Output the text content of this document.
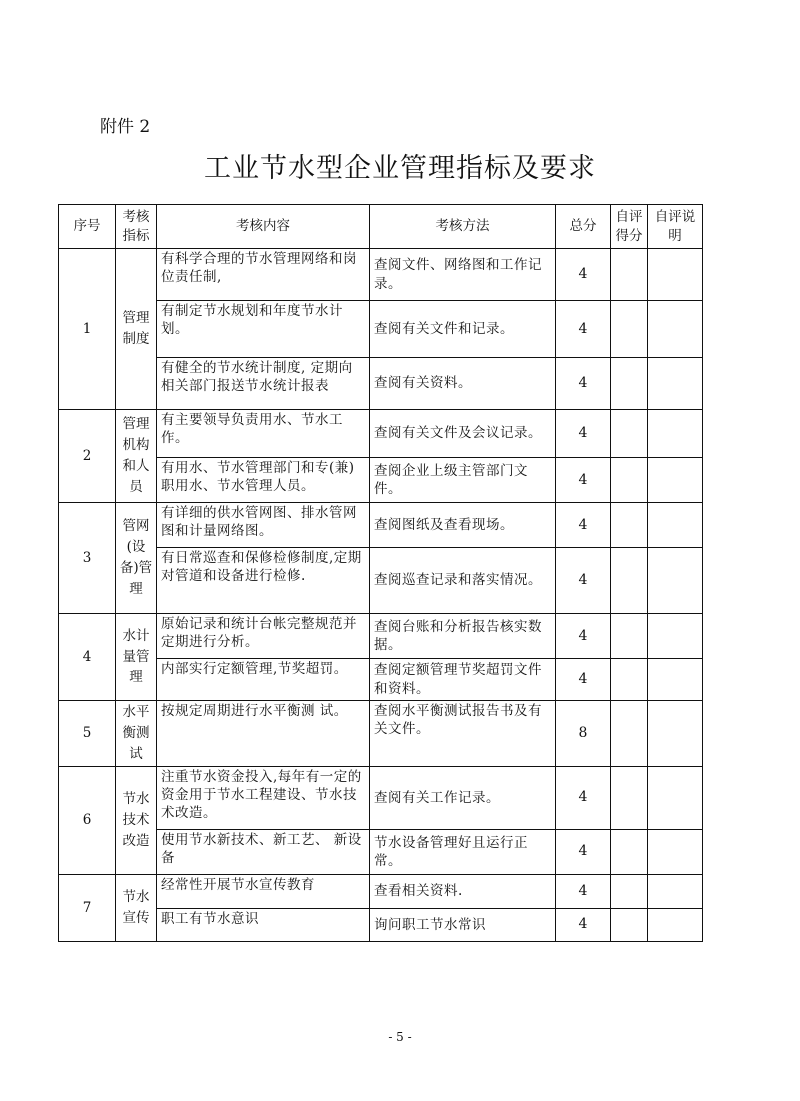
附件 2
工业节水型企业管理指标及要求
序号	考核指标	考核内容	考核方法	总分	自评得分	自评说明
1	管理制度	有科学合理的节水管理网络和岗位责任制,	查阅文件、网络图和工作记录。	4		
		有制定节水规划和年度节水计划。	查阅有关文件和记录。	4		
		有健全的节水统计制度, 定期向相关部门报送节水统计报表	查阅有关资料。	4		
2	管理机构和人员	有主要领导负责用水、节水工作。	查阅有关文件及会议记录。	4		
		有用水、节水管理部门和专(兼)职用水、节水管理人员。	查阅企业上级主管部门文件。	4		
3	管网(设备)管理	有详细的供水管网图、排水管网图和计量网络图。	查阅图纸及查看现场。	4		
		有日常巡查和保修检修制度,定期对管道和设备进行检修.	查阅巡查记录和落实情况。	4		
4	水计量管理	原始记录和统计台帐完整规范并定期进行分析。	查阅台账和分析报告核实数据。	4		
		内部实行定额管理,节奖超罚。	查阅定额管理节奖超罚文件和资料。	4		
5	水平衡测试	按规定周期进行水平衡测 试。	查阅水平衡测试报告书及有关文件。	8		
6	节水技术改造	注重节水资金投入,每年有一定的资金用于节水工程建设、节水技术改造。	查阅有关工作记录。	4		
		使用节水新技术、新工艺、 新设备	节水设备管理好且运行正常。	4		
7	节水宣传	经常性开展节水宣传教育	查看相关资料.	4		
		职工有节水意识	询问职工节水常识	4		
- 5 -
